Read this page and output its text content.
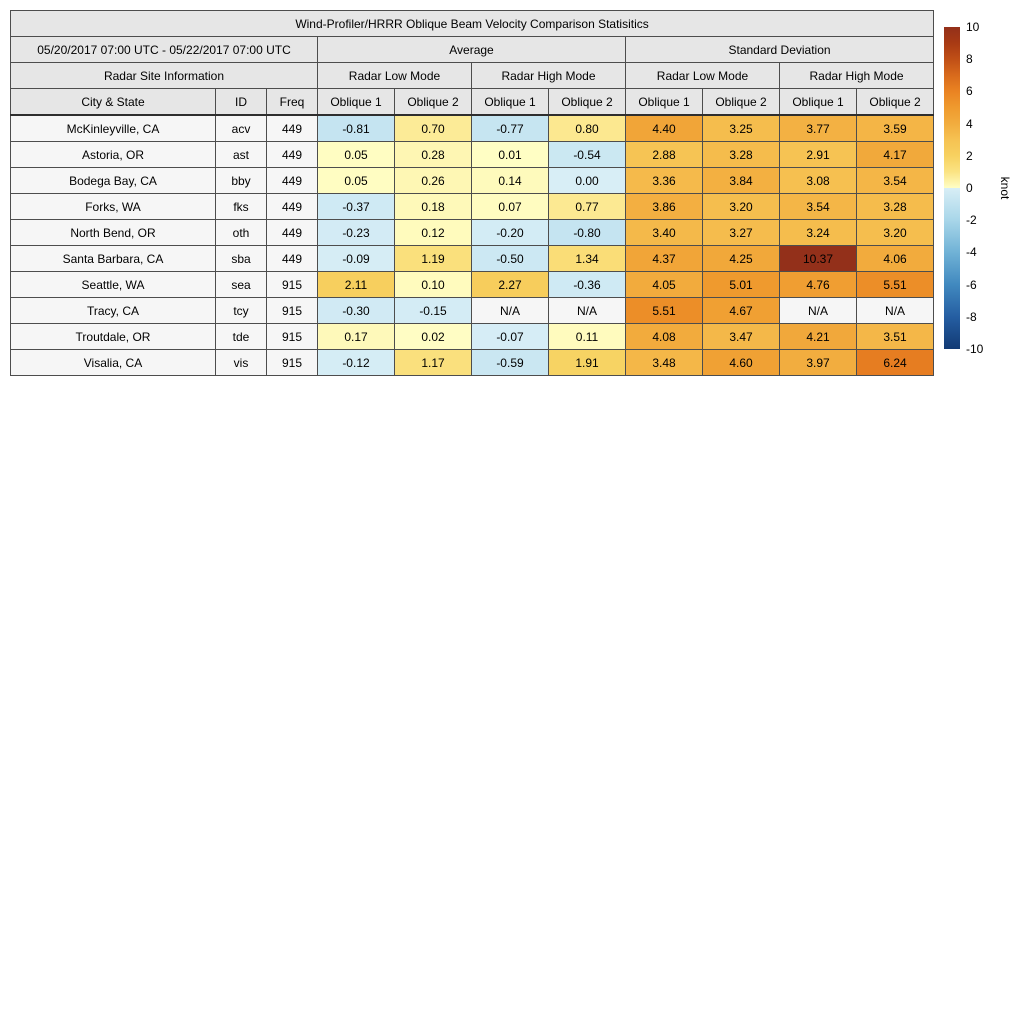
Wind-Profiler/HRRR Oblique Beam Velocity Comparison Statisitics										
05/20/2017 07:00 UTC - 05/22/2017 07:00 UTC			Average				Standard Deviation			
Radar Site Information			Radar Low Mode		Radar High Mode		Radar Low Mode		Radar High Mode	
City & State	ID	Freq	Oblique 1	Oblique 2	Oblique 1	Oblique 2	Oblique 1	Oblique 2	Oblique 1	Oblique 2
McKinleyville, CA	acv	449	-0.81	0.70	-0.77	0.80	4.40	3.25	3.77	3.59
Astoria, OR	ast	449	0.05	0.28	0.01	-0.54	2.88	3.28	2.91	4.17
Bodega Bay, CA	bby	449	0.05	0.26	0.14	0.00	3.36	3.84	3.08	3.54
Forks, WA	fks	449	-0.37	0.18	0.07	0.77	3.86	3.20	3.54	3.28
North Bend, OR	oth	449	-0.23	0.12	-0.20	-0.80	3.40	3.27	3.24	3.20
Santa Barbara, CA	sba	449	-0.09	1.19	-0.50	1.34	4.37	4.25	10.37	4.06
Seattle, WA	sea	915	2.11	0.10	2.27	-0.36	4.05	5.01	4.76	5.51
Tracy, CA	tcy	915	-0.30	-0.15	N/A	N/A	5.51	4.67	N/A	N/A
Troutdale, OR	tde	915	0.17	0.02	-0.07	0.11	4.08	3.47	4.21	3.51
Visalia, CA	vis	915	-0.12	1.17	-0.59	1.91	3.48	4.60	3.97	6.24
10
8
6
4
2
0
-2
-4
-6
-8
-10
knot
